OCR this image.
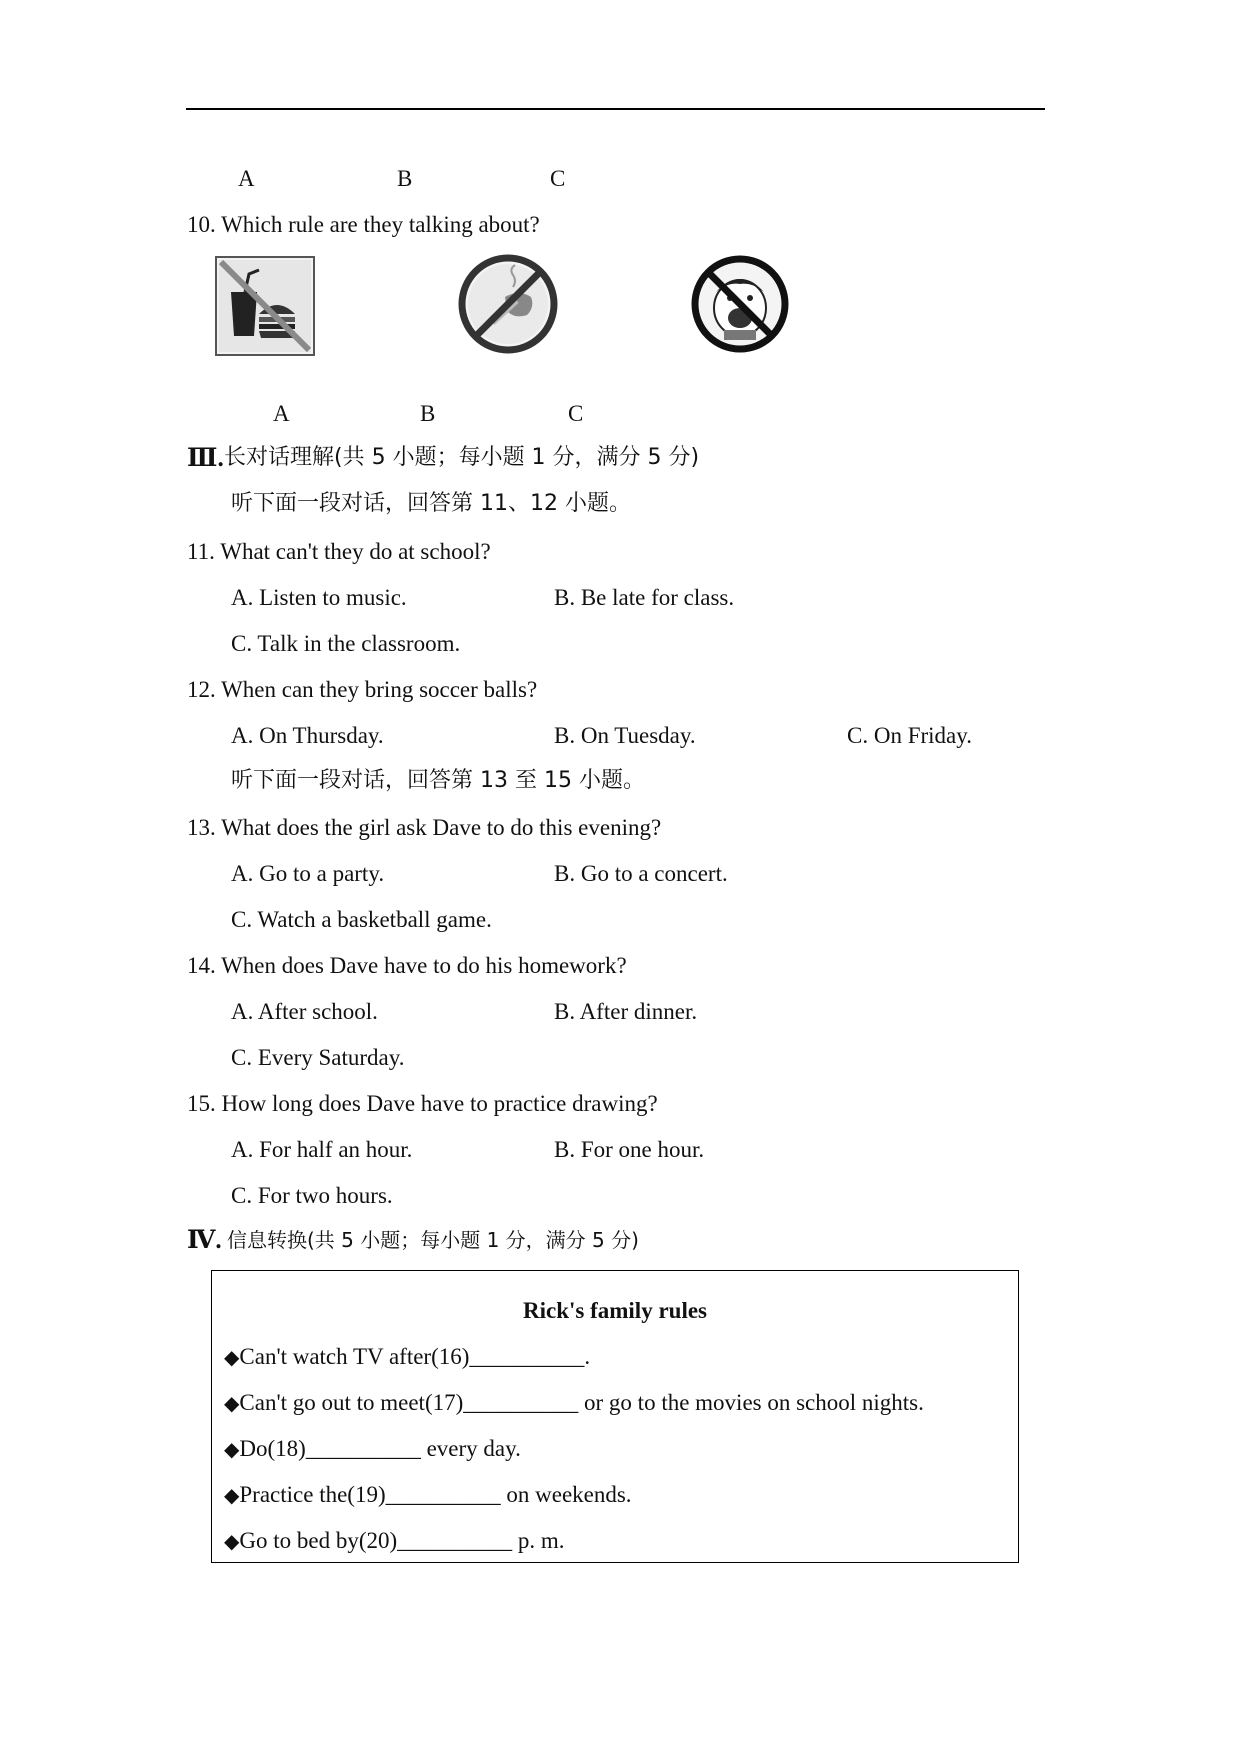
A	B	C
10. Which rule are they talking about?
A	B	C
Ⅲ. 长对话理解(共 5 小题；每小题 1 分，满分 5 分)
听下面一段对话，回答第 11、12 小题。
11. What can't they do at school?
A. Listen to music.	B. Be late for class.
C. Talk in the classroom.
12. When can they bring soccer balls?
A. On Thursday.	B. On Tuesday.	C. On Friday.
听下面一段对话，回答第 13 至 15 小题。
13. What does the girl ask Dave to do this evening?
A. Go to a party.	B. Go to a concert.
C. Watch a basketball game.
14. When does Dave have to do his homework?
A. After school.	B. After dinner.
C. Every Saturday.
15. How long does Dave have to practice drawing?
A. For half an hour.	B. For one hour.
C. For two hours.
Ⅳ. 信息转换(共 5 小题；每小题 1 分，满分 5 分)
Rick's family rules
◆Can't watch TV after(16)__________.
◆Can't go out to meet(17)__________ or go to the movies on school nights.
◆Do(18)__________ every day.
◆Practice the(19)__________ on weekends.
◆Go to bed by(20)__________ p. m.
